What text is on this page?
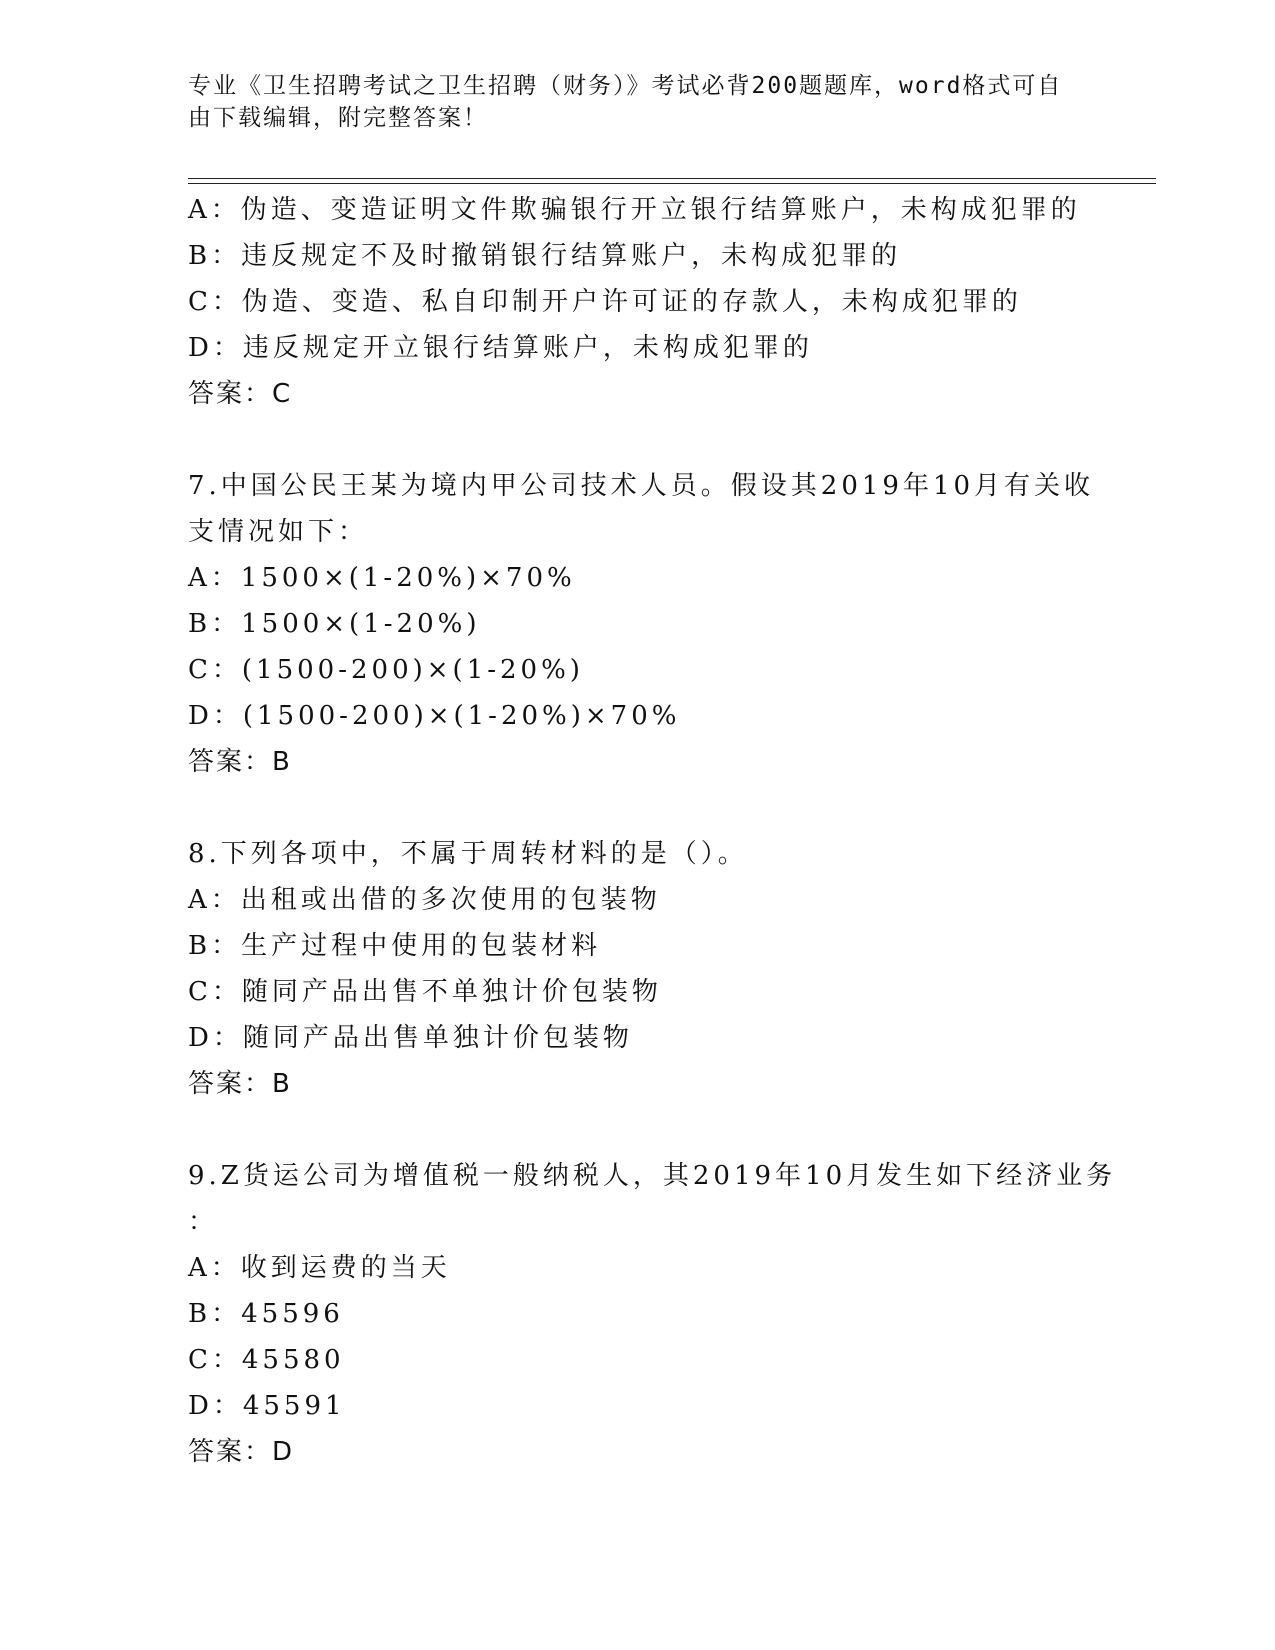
专业《卫生招聘考试之卫生招聘（财务）》考试必背200题题库，word格式可自
由下载编辑，附完整答案！
A：伪造、变造证明文件欺骗银行开立银行结算账户，未构成犯罪的
B：违反规定不及时撤销银行结算账户，未构成犯罪的
C：伪造、变造、私自印制开户许可证的存款人，未构成犯罪的
D：违反规定开立银行结算账户，未构成犯罪的
答案：C
7.中国公民王某为境内甲公司技术人员。假设其2019年10月有关收
支情况如下：
A：1500×(1-20%)×70%
B：1500×(1-20%)
C：(1500-200)×(1-20%)
D：(1500-200)×(1-20%)×70%
答案：B
8.下列各项中，不属于周转材料的是（）。
A：出租或出借的多次使用的包装物
B：生产过程中使用的包装材料
C：随同产品出售不单独计价包装物
D：随同产品出售单独计价包装物
答案：B
9.Z货运公司为增值税一般纳税人，其2019年10月发生如下经济业务
：
A：收到运费的当天
B：45596
C：45580
D：45591
答案：D
